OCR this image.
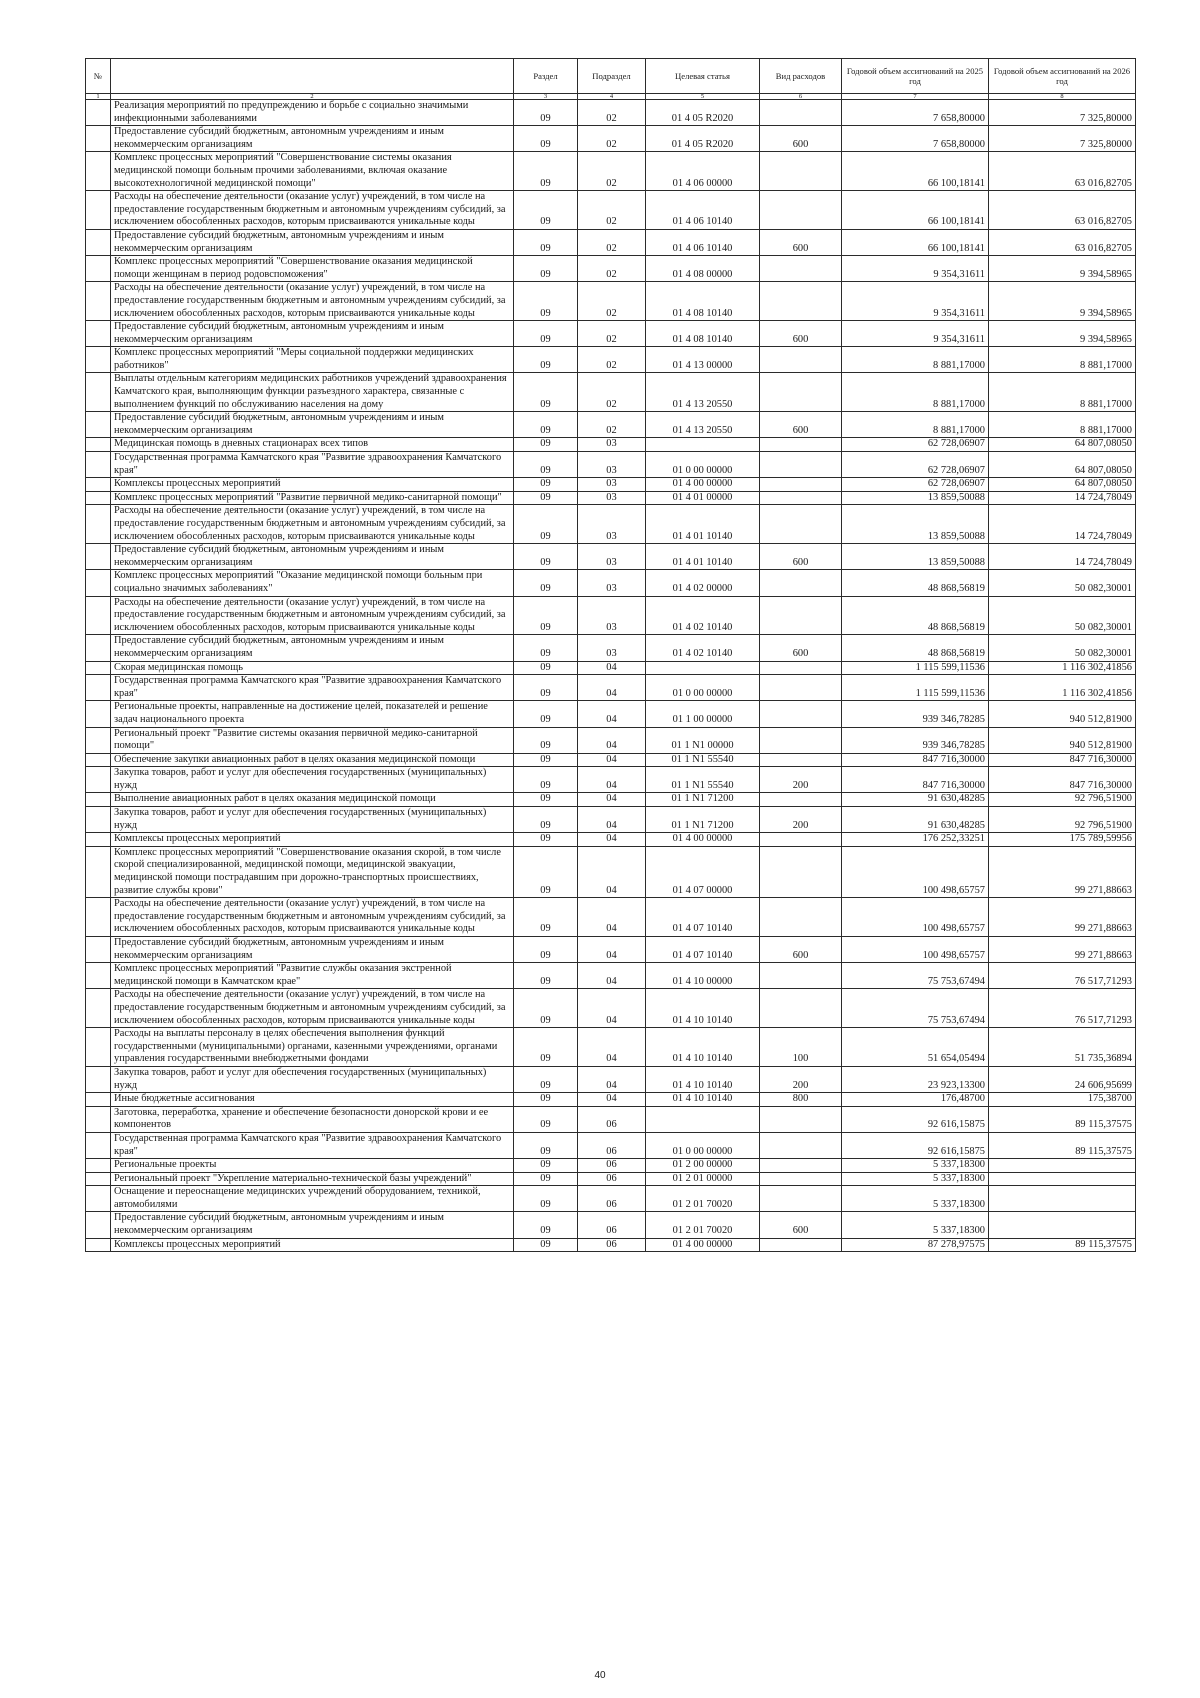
№		Раздел	Подраздел	Целевая статья	Вид расходов	Годовой объем ассигнований на 2025 год	Годовой объем ассигнований на 2026 год
1	2	3	4	5	6	7	8
	Реализация мероприятий по предупреждению и борьбе с социально значимыми инфекционными заболеваниями	09	02	01 4 05 R2020		7 658,80000	7 325,80000
	Предоставление субсидий бюджетным, автономным учреждениям и иным некоммерческим организациям	09	02	01 4 05 R2020	600	7 658,80000	7 325,80000
	Комплекс процессных мероприятий "Совершенствование системы оказания медицинской помощи больным прочими заболеваниями, включая оказание высокотехнологичной медицинской помощи"	09	02	01 4 06 00000		66 100,18141	63 016,82705
	Расходы на обеспечение деятельности (оказание услуг) учреждений, в том числе на предоставление государственным бюджетным и автономным учреждениям субсидий, за исключением обособленных расходов, которым присваиваются уникальные коды	09	02	01 4 06 10140		66 100,18141	63 016,82705
	Предоставление субсидий бюджетным, автономным учреждениям и иным некоммерческим организациям	09	02	01 4 06 10140	600	66 100,18141	63 016,82705
	Комплекс процессных мероприятий "Совершенствование оказания медицинской помощи женщинам в период родовспоможения"	09	02	01 4 08 00000		9 354,31611	9 394,58965
	Расходы на обеспечение деятельности (оказание услуг) учреждений, в том числе на предоставление государственным бюджетным и автономным учреждениям субсидий, за исключением обособленных расходов, которым присваиваются уникальные коды	09	02	01 4 08 10140		9 354,31611	9 394,58965
	Предоставление субсидий бюджетным, автономным учреждениям и иным некоммерческим организациям	09	02	01 4 08 10140	600	9 354,31611	9 394,58965
	Комплекс процессных мероприятий "Меры социальной поддержки медицинских работников"	09	02	01 4 13 00000		8 881,17000	8 881,17000
	Выплаты отдельным категориям медицинских работников учреждений здравоохранения Камчатского края, выполняющим функции разъездного характера, связанные с выполнением функций по обслуживанию населения на дому	09	02	01 4 13 20550		8 881,17000	8 881,17000
	Предоставление субсидий бюджетным, автономным учреждениям и иным некоммерческим организациям	09	02	01 4 13 20550	600	8 881,17000	8 881,17000
	Медицинская помощь в дневных стационарах всех типов	09	03			62 728,06907	64 807,08050
	Государственная программа Камчатского края "Развитие здравоохранения Камчатского края"	09	03	01 0 00 00000		62 728,06907	64 807,08050
	Комплексы процессных мероприятий	09	03	01 4 00 00000		62 728,06907	64 807,08050
	Комплекс процессных мероприятий "Развитие первичной медико-санитарной помощи"	09	03	01 4 01 00000		13 859,50088	14 724,78049
	Расходы на обеспечение деятельности (оказание услуг) учреждений, в том числе на предоставление государственным бюджетным и автономным учреждениям субсидий, за исключением обособленных расходов, которым присваиваются уникальные коды	09	03	01 4 01 10140		13 859,50088	14 724,78049
	Предоставление субсидий бюджетным, автономным учреждениям и иным некоммерческим организациям	09	03	01 4 01 10140	600	13 859,50088	14 724,78049
	Комплекс процессных мероприятий "Оказание медицинской помощи больным при социально значимых заболеваниях"	09	03	01 4 02 00000		48 868,56819	50 082,30001
	Расходы на обеспечение деятельности (оказание услуг) учреждений, в том числе на предоставление государственным бюджетным и автономным учреждениям субсидий, за исключением обособленных расходов, которым присваиваются уникальные коды	09	03	01 4 02 10140		48 868,56819	50 082,30001
	Предоставление субсидий бюджетным, автономным учреждениям и иным некоммерческим организациям	09	03	01 4 02 10140	600	48 868,56819	50 082,30001
	Скорая медицинская помощь	09	04			1 115 599,11536	1 116 302,41856
	Государственная программа Камчатского края "Развитие здравоохранения Камчатского края"	09	04	01 0 00 00000		1 115 599,11536	1 116 302,41856
	Региональные проекты, направленные на достижение целей, показателей и решение задач национального проекта	09	04	01 1 00 00000		939 346,78285	940 512,81900
	Региональный проект "Развитие системы оказания первичной медико-санитарной помощи"	09	04	01 1 N1 00000		939 346,78285	940 512,81900
	Обеспечение закупки авиационных работ в целях оказания медицинской помощи	09	04	01 1 N1 55540		847 716,30000	847 716,30000
	Закупка товаров, работ и услуг для обеспечения государственных (муниципальных) нужд	09	04	01 1 N1 55540	200	847 716,30000	847 716,30000
	Выполнение авиационных работ в целях оказания медицинской помощи	09	04	01 1 N1 71200		91 630,48285	92 796,51900
	Закупка товаров, работ и услуг для обеспечения государственных (муниципальных) нужд	09	04	01 1 N1 71200	200	91 630,48285	92 796,51900
	Комплексы процессных мероприятий	09	04	01 4 00 00000		176 252,33251	175 789,59956
	Комплекс процессных мероприятий "Совершенствование оказания скорой, в том числе скорой специализированной, медицинской помощи, медицинской эвакуации, медицинской помощи пострадавшим при дорожно-транспортных происшествиях, развитие службы крови"	09	04	01 4 07 00000		100 498,65757	99 271,88663
	Расходы на обеспечение деятельности (оказание услуг) учреждений, в том числе на предоставление государственным бюджетным и автономным учреждениям субсидий, за исключением обособленных расходов, которым присваиваются уникальные коды	09	04	01 4 07 10140		100 498,65757	99 271,88663
	Предоставление субсидий бюджетным, автономным учреждениям и иным некоммерческим организациям	09	04	01 4 07 10140	600	100 498,65757	99 271,88663
	Комплекс процессных мероприятий "Развитие службы оказания экстренной медицинской помощи в Камчатском крае"	09	04	01 4 10 00000		75 753,67494	76 517,71293
	Расходы на обеспечение деятельности (оказание услуг) учреждений, в том числе на предоставление государственным бюджетным и автономным учреждениям субсидий, за исключением обособленных расходов, которым присваиваются уникальные коды	09	04	01 4 10 10140		75 753,67494	76 517,71293
	Расходы на выплаты персоналу в целях обеспечения выполнения функций государственными (муниципальными) органами, казенными учреждениями, органами управления государственными внебюджетными фондами	09	04	01 4 10 10140	100	51 654,05494	51 735,36894
	Закупка товаров, работ и услуг для обеспечения государственных (муниципальных) нужд	09	04	01 4 10 10140	200	23 923,13300	24 606,95699
	Иные бюджетные ассигнования	09	04	01 4 10 10140	800	176,48700	175,38700
	Заготовка, переработка, хранение и обеспечение безопасности донорской крови и ее компонентов	09	06			92 616,15875	89 115,37575
	Государственная программа Камчатского края "Развитие здравоохранения Камчатского края"	09	06	01 0 00 00000		92 616,15875	89 115,37575
	Региональные проекты	09	06	01 2 00 00000		5 337,18300	
	Региональный проект "Укрепление материально-технической базы учреждений"	09	06	01 2 01 00000		5 337,18300	
	Оснащение и переоснащение медицинских учреждений оборудованием, техникой, автомобилями	09	06	01 2 01 70020		5 337,18300	
	Предоставление субсидий бюджетным, автономным учреждениям и иным некоммерческим организациям	09	06	01 2 01 70020	600	5 337,18300	
	Комплексы процессных мероприятий	09	06	01 4 00 00000		87 278,97575	89 115,37575
40
